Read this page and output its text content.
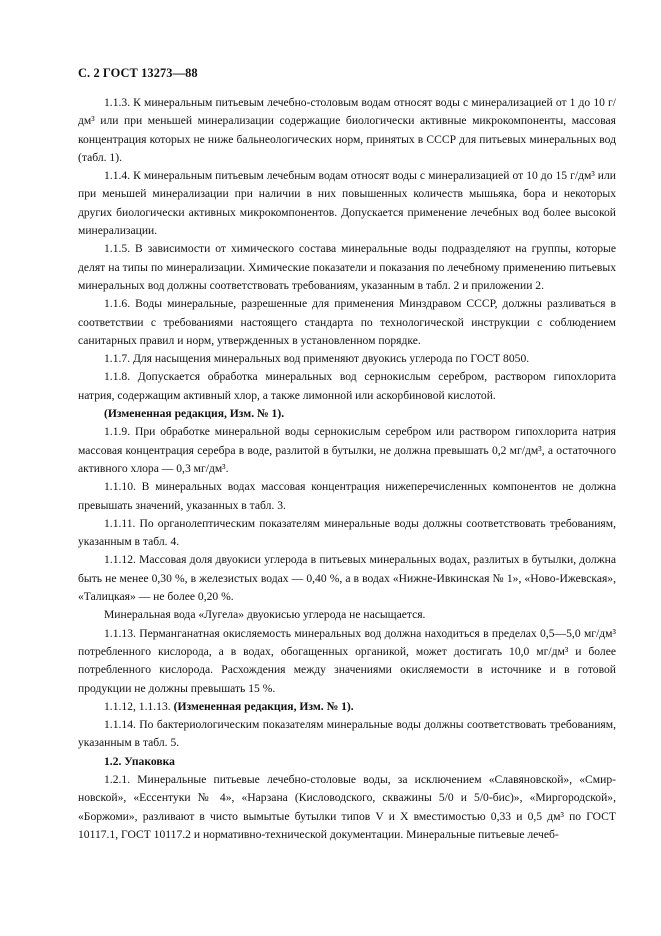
С. 2 ГОСТ 13273—88

1.1.3. К минеральным питьевым лечебно-столовым водам относят воды с минерализацией от 1 до 10 г/дм³ или при меньшей минерализации содержащие биологически активные микрокомпоненты, массовая концентрация которых не ниже бальнеологических норм, принятых в СССР для питьевых минеральных вод (табл. 1).

1.1.4. К минеральным питьевым лечебным водам относят воды с минерализацией от 10 до 15 г/дм³ или при меньшей минерализации при наличии в них повышенных количеств мышьяка, бора и некоторых других биологически активных микрокомпонентов. Допускается применение лечебных вод более высокой минерализации.

1.1.5. В зависимости от химического состава минеральные воды подразделяют на группы, которые делят на типы по минерализации. Химические показатели и показания по лечебному применению питьевых минеральных вод должны соответствовать требованиям, указанным в табл. 2 и приложении 2.

1.1.6. Воды минеральные, разрешенные для применения Минздравом СССР, должны разливаться в соответствии с требованиями настоящего стандарта по технологической инструкции с соблюдением санитарных правил и норм, утвержденных в установленном порядке.

1.1.7. Для насыщения минеральных вод применяют двуокись углерода по ГОСТ 8050.

1.1.8. Допускается обработка минеральных вод сернокислым серебром, раствором гипохлорита натрия, содержащим активный хлор, а также лимонной или аскорбиновой кислотой.

(Измененная редакция, Изм. № 1).

1.1.9. При обработке минеральной воды сернокислым серебром или раствором гипохлорита натрия массовая концентрация серебра в воде, разлитой в бутылки, не должна превышать 0,2 мг/дм³, а остаточного активного хлора — 0,3 мг/дм³.

1.1.10. В минеральных водах массовая концентрация нижеперечисленных компонентов не должна превышать значений, указанных в табл. 3.

1.1.11. По органолептическим показателям минеральные воды должны соответствовать требованиям, указанным в табл. 4.

1.1.12. Массовая доля двуокиси углерода в питьевых минеральных водах, разлитых в бутылки, должна быть не менее 0,30 %, в железистых водах — 0,40 %, а в водах «Нижне-Ивкинская № 1», «Ново-Ижевская», «Талицкая» — не более 0,20 %.

Минеральная вода «Лугела» двуокисью углерода не насыщается.

1.1.13. Перманганатная окисляемость минеральных вод должна находиться в пределах 0,5—5,0 мг/дм³ потребленного кислорода, а в водах, обогащенных органикой, может достигать 10,0 мг/дм³ и более потребленного кислорода. Расхождения между значениями окисляемости в источнике и в готовой продукции не должны превышать 15 %.

1.1.12, 1.1.13. (Измененная редакция, Изм. № 1).

1.1.14. По бактериологическим показателям минеральные воды должны соответствовать требованиям, указанным в табл. 5.

1.2. Упаковка

1.2.1. Минеральные питьевые лечебно-столовые воды, за исключением «Славяновской», «Смирновской», «Ессентуки № 4», «Нарзана (Кисловодского, скважины 5/0 и 5/0-бис)», «Миргородской», «Боржоми», разливают в чисто вымытые бутылки типов V и X вместимостью 0,33 и 0,5 дм³ по ГОСТ 10117.1, ГОСТ 10117.2 и нормативно-технической документации. Минеральные питьевые лечеб-
